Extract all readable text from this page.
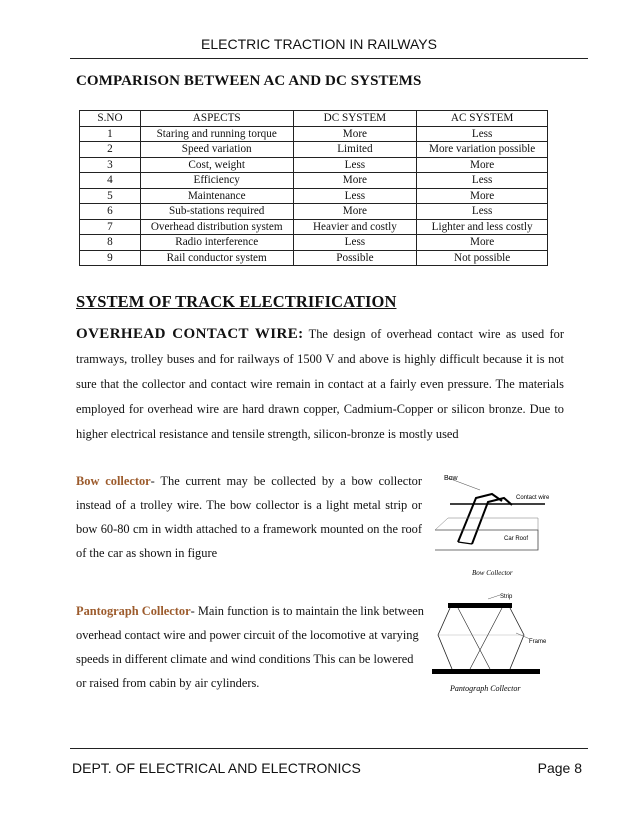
ELECTRIC TRACTION IN RAILWAYS
COMPARISON BETWEEN AC AND DC SYSTEMS
S.NO	ASPECTS	DC SYSTEM	AC SYSTEM
1	Staring and running torque	More	Less
2	Speed variation	Limited	More variation possible
3	Cost, weight	Less	More
4	Efficiency	More	Less
5	Maintenance	Less	More
6	Sub-stations required	More	Less
7	Overhead distribution system	Heavier and costly	Lighter and less costly
8	Radio interference	Less	More
9	Rail conductor system	Possible	Not possible
SYSTEM OF TRACK ELECTRIFICATION
OVERHEAD CONTACT WIRE: The design of overhead contact wire as used for tramways, trolley buses and for railways of 1500 V and above is highly difficult because it is not sure that the collector and contact wire remain in contact at a fairly even pressure. The materials employed for overhead wire are hard drawn copper, Cadmium-Copper or silicon bronze. Due to higher electrical resistance and tensile strength, silicon-bronze is mostly used
Bow collector- The current may be collected by a bow collector instead of a trolley wire. The bow collector is a light metal strip or bow 60-80 cm in width attached to a framework mounted on the roof of the car as shown in figure
Pantograph Collector- Main function is to maintain the link between overhead contact wire and power circuit of the locomotive at varying speeds in different climate and wind conditions This can be lowered or raised from cabin by air cylinders.
Bow
Contact wire
Car Roof
Bow Collector
Strip
Frame
Pantograph Collector
DEPT. OF ELECTRICAL AND ELECTRONICS	Page 8
